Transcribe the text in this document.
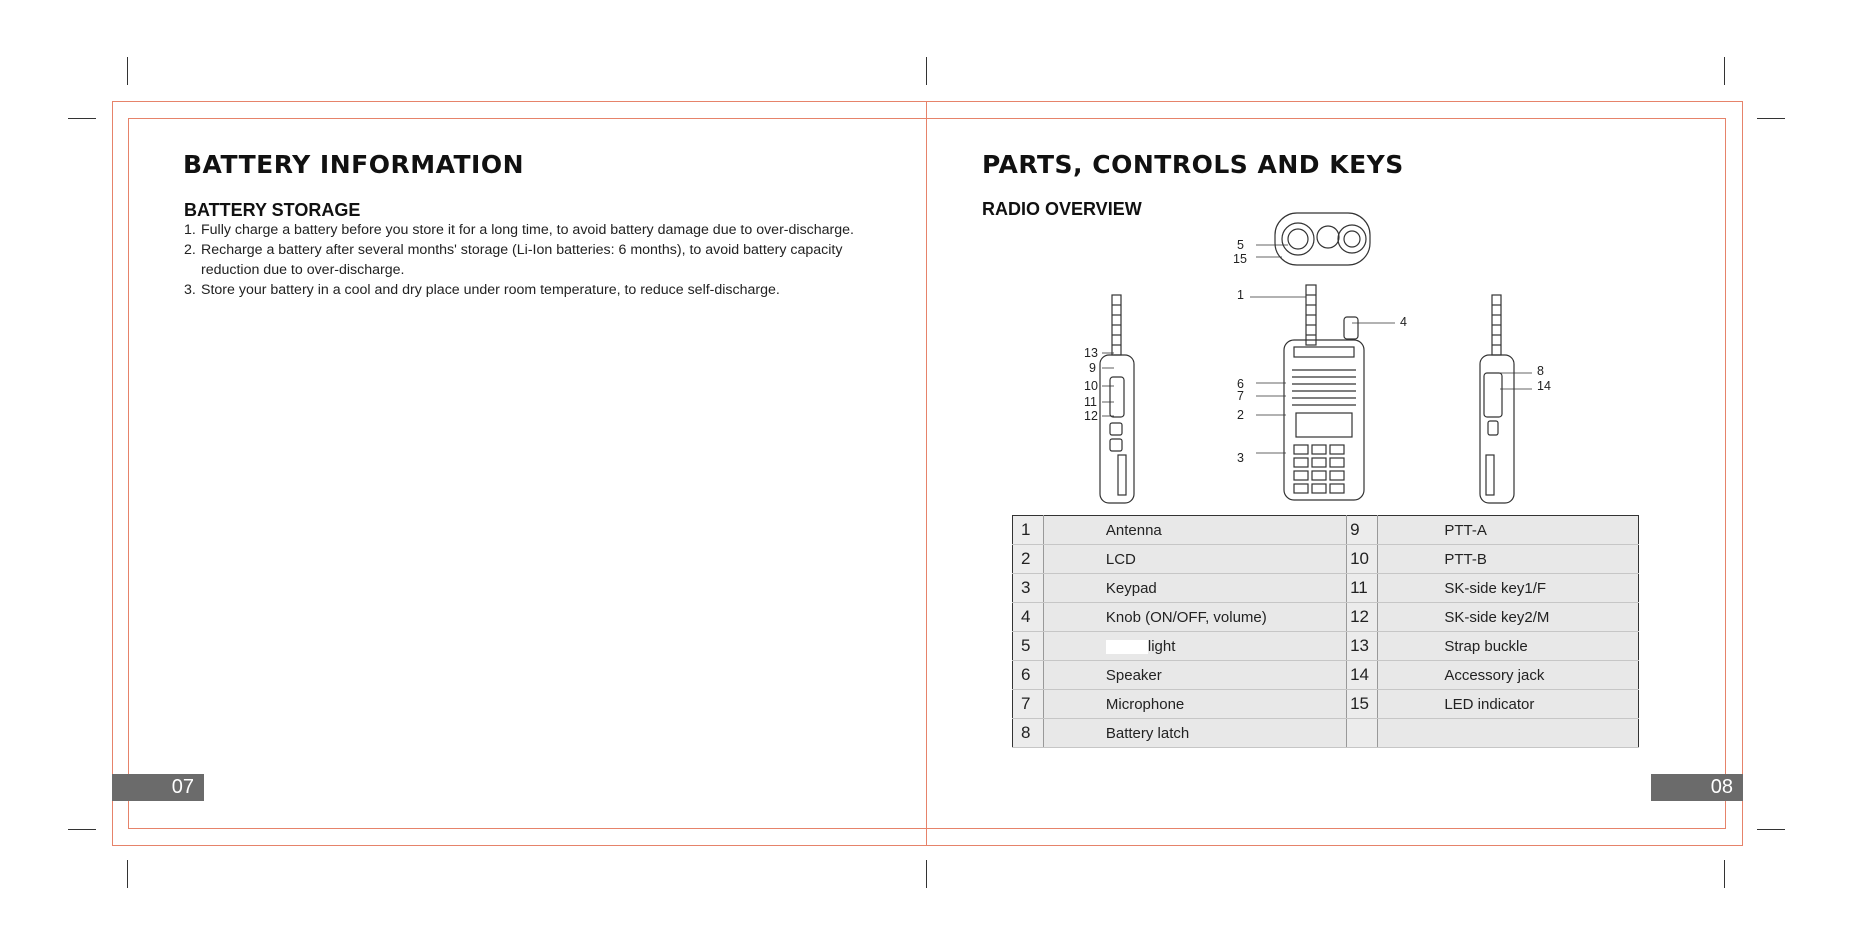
BATTERY INFORMATION
BATTERY STORAGE
1. Fully charge a battery before you store it for a long time, to avoid battery damage due to over-discharge.
2. Recharge a battery after several months' storage (Li-Ion batteries: 6 months), to avoid battery capacity reduction due to over-discharge.
3. Store your battery in a cool and dry place under room temperature, to reduce self-discharge.
07
PARTS, CONTROLS AND KEYS
RADIO OVERVIEW
5
15
1
4
13
9
10
11
12
6
7
2
3
8
14
1	Antenna	9	PTT-A
2	LCD	10	PTT-B
3	Keypad	11	SK-side key1/F
4	Knob (ON/OFF, volume)	12	SK-side key2/M
5	light	13	Strap buckle
6	Speaker	14	Accessory jack
7	Microphone	15	LED indicator
8	Battery latch		
08
